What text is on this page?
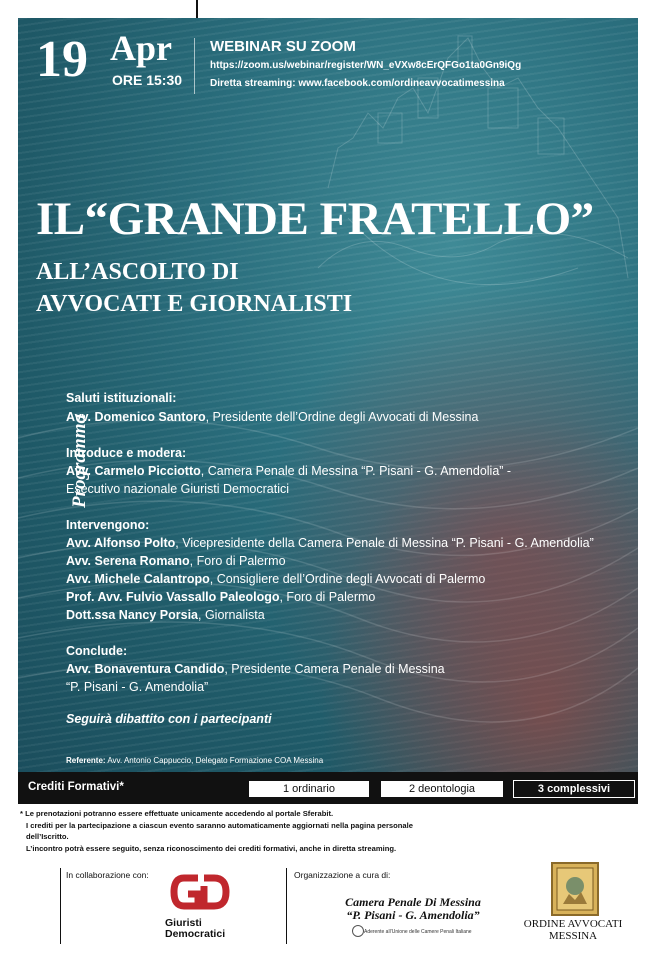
19 Apr
ORE 15:30
WEBINAR SU ZOOM
https://zoom.us/webinar/register/WN_eVXw8cErQFGo1ta0Gn9iQg
Diretta streaming: www.facebook.com/ordineavvocatimessina
IL“GRANDE FRATELLO”
ALL’ASCOLTO DI
AVVOCATI E GIORNALISTI
Programma
Saluti istituzionali:
Avv. Domenico Santoro, Presidente dell’Ordine degli Avvocati di Messina
Introduce e modera:
Avv. Carmelo Picciotto, Camera Penale di Messina “P. Pisani - G. Amendolia” -
Esecutivo nazionale Giuristi Democratici
Intervengono:
Avv. Alfonso Polto, Vicepresidente della Camera Penale di Messina “P. Pisani - G. Amendolia”
Avv. Serena Romano, Foro di Palermo
Avv. Michele Calantropo, Consigliere dell’Ordine degli Avvocati di Palermo
Prof. Avv. Fulvio Vassallo Paleologo, Foro di Palermo
Dott.ssa Nancy Porsia, Giornalista
Conclude:
Avv. Bonaventura Candido, Presidente Camera Penale di Messina
“P. Pisani - G. Amendolia”
Seguirà dibattito con i partecipanti
Referente: Avv. Antonio Cappuccio, Delegato Formazione COA Messina
Crediti Formativi*	1 ordinario	2 deontologia	3 complessivi
* Le prenotazioni potranno essere effettuate unicamente accedendo al portale Sferabit.
I crediti per la partecipazione a ciascun evento saranno automaticamente aggiornati nella pagina personale
dell’Iscritto.
L’incontro potrà essere seguito, senza riconoscimento dei crediti formativi, anche in diretta streaming.
In collaborazione con:
Giuristi
Democratici
Organizzazione a cura di:
Camera Penale Di Messina
“P. Pisani - G. Amendolia”
Aderente all’Unione delle Camere Penali Italiane
ORDINE AVVOCATI
MESSINA
